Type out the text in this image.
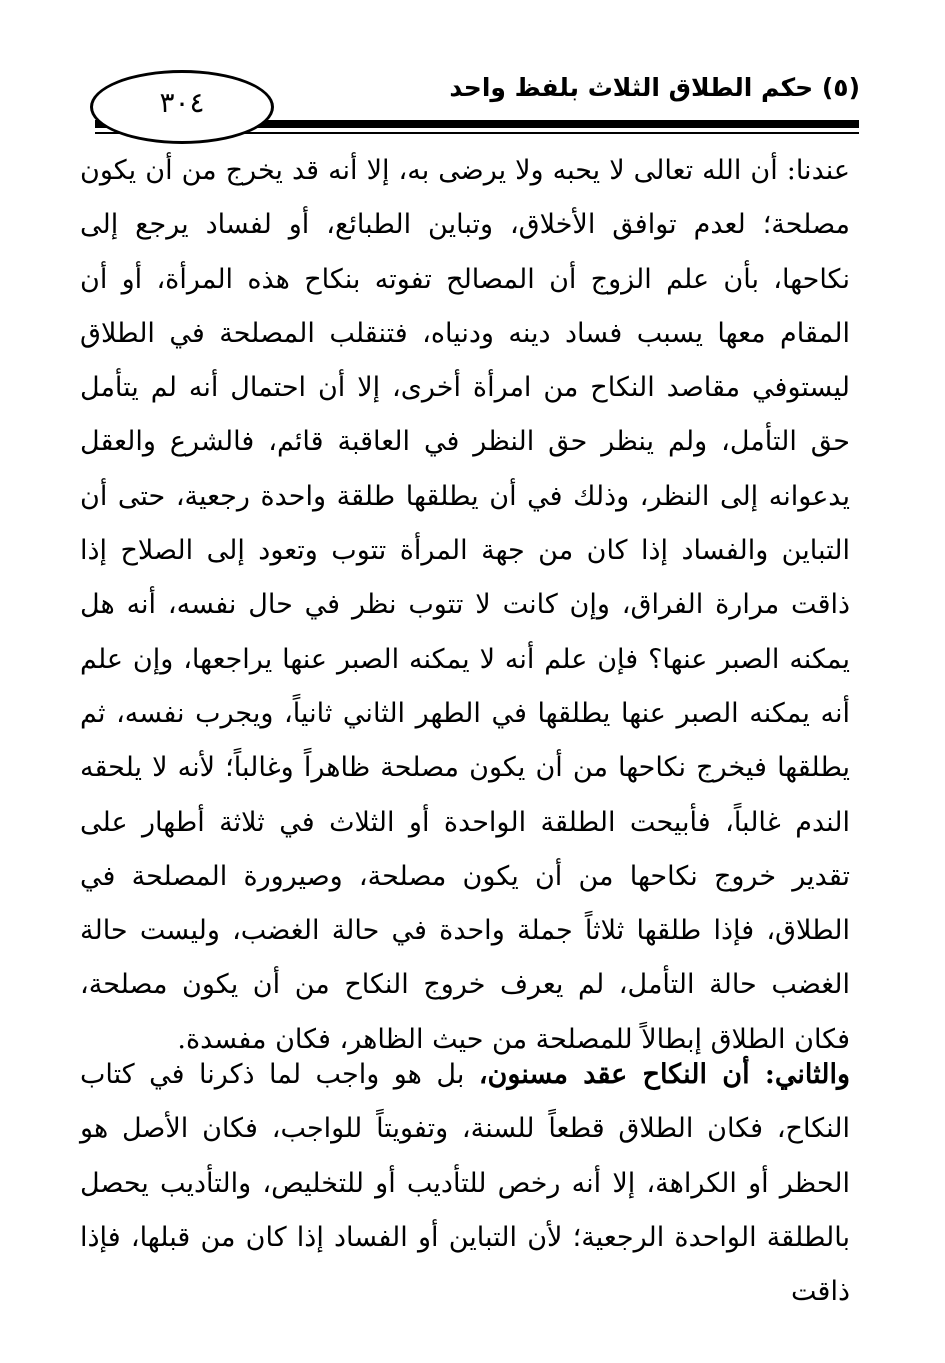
(٥) حكم الطلاق الثلاث بلفظ واحد
٣٠٤

عندنا: أن الله تعالى لا يحبه ولا يرضى به، إلا أنه قد يخرج من أن يكون مصلحة؛ لعدم توافق الأخلاق، وتباين الطبائع، أو لفساد يرجع إلى نكاحها، بأن علم الزوج أن المصالح تفوته بنكاح هذه المرأة، أو أن المقام معها يسبب فساد دينه ودنياه، فتنقلب المصلحة في الطلاق ليستوفي مقاصد النكاح من امرأة أخرى، إلا أن احتمال أنه لم يتأمل حق التأمل، ولم ينظر حق النظر في العاقبة قائم، فالشرع والعقل يدعوانه إلى النظر، وذلك في أن يطلقها طلقة واحدة رجعية، حتى أن التباين والفساد إذا كان من جهة المرأة تتوب وتعود إلى الصلاح إذا ذاقت مرارة الفراق، وإن كانت لا تتوب نظر في حال نفسه، أنه هل يمكنه الصبر عنها؟ فإن علم أنه لا يمكنه الصبر عنها يراجعها، وإن علم أنه يمكنه الصبر عنها يطلقها في الطهر الثاني ثانياً، ويجرب نفسه، ثم يطلقها فيخرج نكاحها من أن يكون مصلحة ظاهراً وغالباً؛ لأنه لا يلحقه الندم غالباً، فأبيحت الطلقة الواحدة أو الثلاث في ثلاثة أطهار على تقدير خروج نكاحها من أن يكون مصلحة، وصيرورة المصلحة في الطلاق، فإذا طلقها ثلاثاً جملة واحدة في حالة الغضب، وليست حالة الغضب حالة التأمل، لم يعرف خروج النكاح من أن يكون مصلحة، فكان الطلاق إبطالاً للمصلحة من حيث الظاهر، فكان مفسدة.

والثاني: أن النكاح عقد مسنون، بل هو واجب لما ذكرنا في كتاب النكاح، فكان الطلاق قطعاً للسنة، وتفويتاً للواجب، فكان الأصل هو الحظر أو الكراهة، إلا أنه رخص للتأديب أو للتخليص، والتأديب يحصل بالطلقة الواحدة الرجعية؛ لأن التباين أو الفساد إذا كان من قبلها، فإذا ذاقت
